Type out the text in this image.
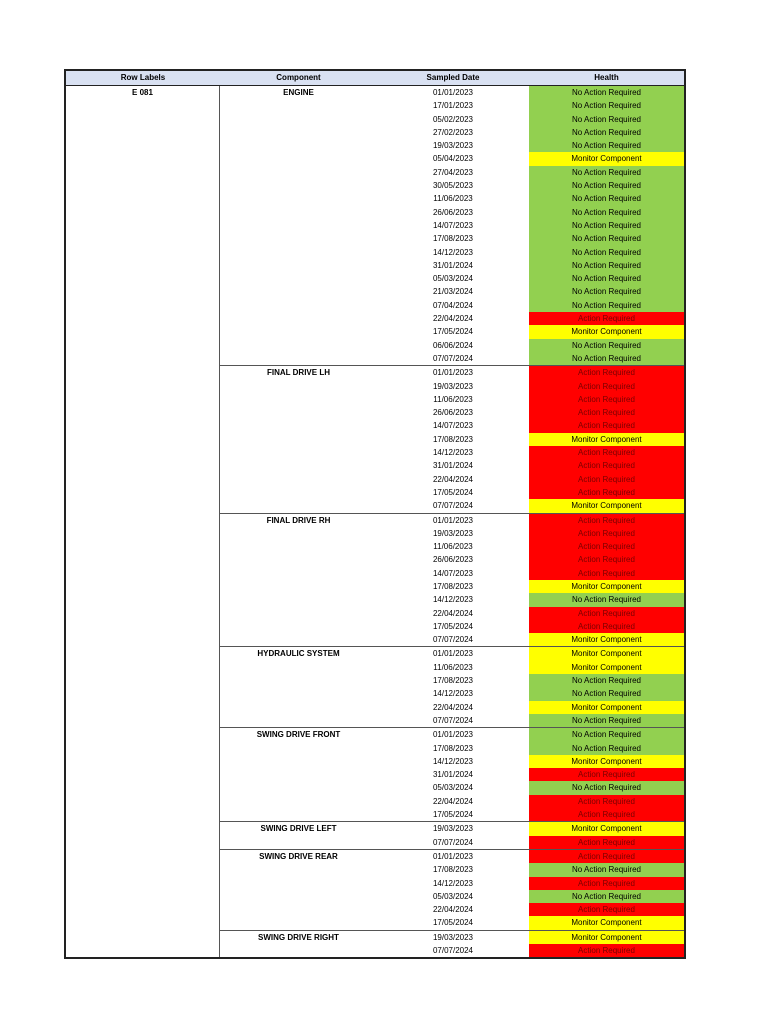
Row Labels	Component	Sampled Date	Health
E 081	ENGINE	01/01/2023	No Action Required
17/01/2023	No Action Required
05/02/2023	No Action Required
27/02/2023	No Action Required
19/03/2023	No Action Required
05/04/2023	Monitor Component
27/04/2023	No Action Required
30/05/2023	No Action Required
11/06/2023	No Action Required
26/06/2023	No Action Required
14/07/2023	No Action Required
17/08/2023	No Action Required
14/12/2023	No Action Required
31/01/2024	No Action Required
05/03/2024	No Action Required
21/03/2024	No Action Required
07/04/2024	No Action Required
22/04/2024	Action Required
17/05/2024	Monitor Component
06/06/2024	No Action Required
07/07/2024	No Action Required
FINAL DRIVE LH	01/01/2023	Action Required
19/03/2023	Action Required
11/06/2023	Action Required
26/06/2023	Action Required
14/07/2023	Action Required
17/08/2023	Monitor Component
14/12/2023	Action Required
31/01/2024	Action Required
22/04/2024	Action Required
17/05/2024	Action Required
07/07/2024	Monitor Component
FINAL DRIVE RH	01/01/2023	Action Required
19/03/2023	Action Required
11/06/2023	Action Required
26/06/2023	Action Required
14/07/2023	Action Required
17/08/2023	Monitor Component
14/12/2023	No Action Required
22/04/2024	Action Required
17/05/2024	Action Required
07/07/2024	Monitor Component
HYDRAULIC SYSTEM	01/01/2023	Monitor Component
11/06/2023	Monitor Component
17/08/2023	No Action Required
14/12/2023	No Action Required
22/04/2024	Monitor Component
07/07/2024	No Action Required
SWING DRIVE FRONT	01/01/2023	No Action Required
17/08/2023	No Action Required
14/12/2023	Monitor Component
31/01/2024	Action Required
05/03/2024	No Action Required
22/04/2024	Action Required
17/05/2024	Action Required
SWING DRIVE LEFT	19/03/2023	Monitor Component
07/07/2024	Action Required
SWING DRIVE REAR	01/01/2023	Action Required
17/08/2023	No Action Required
14/12/2023	Action Required
05/03/2024	No Action Required
22/04/2024	Action Required
17/05/2024	Monitor Component
SWING DRIVE RIGHT	19/03/2023	Monitor Component
07/07/2024	Action Required
